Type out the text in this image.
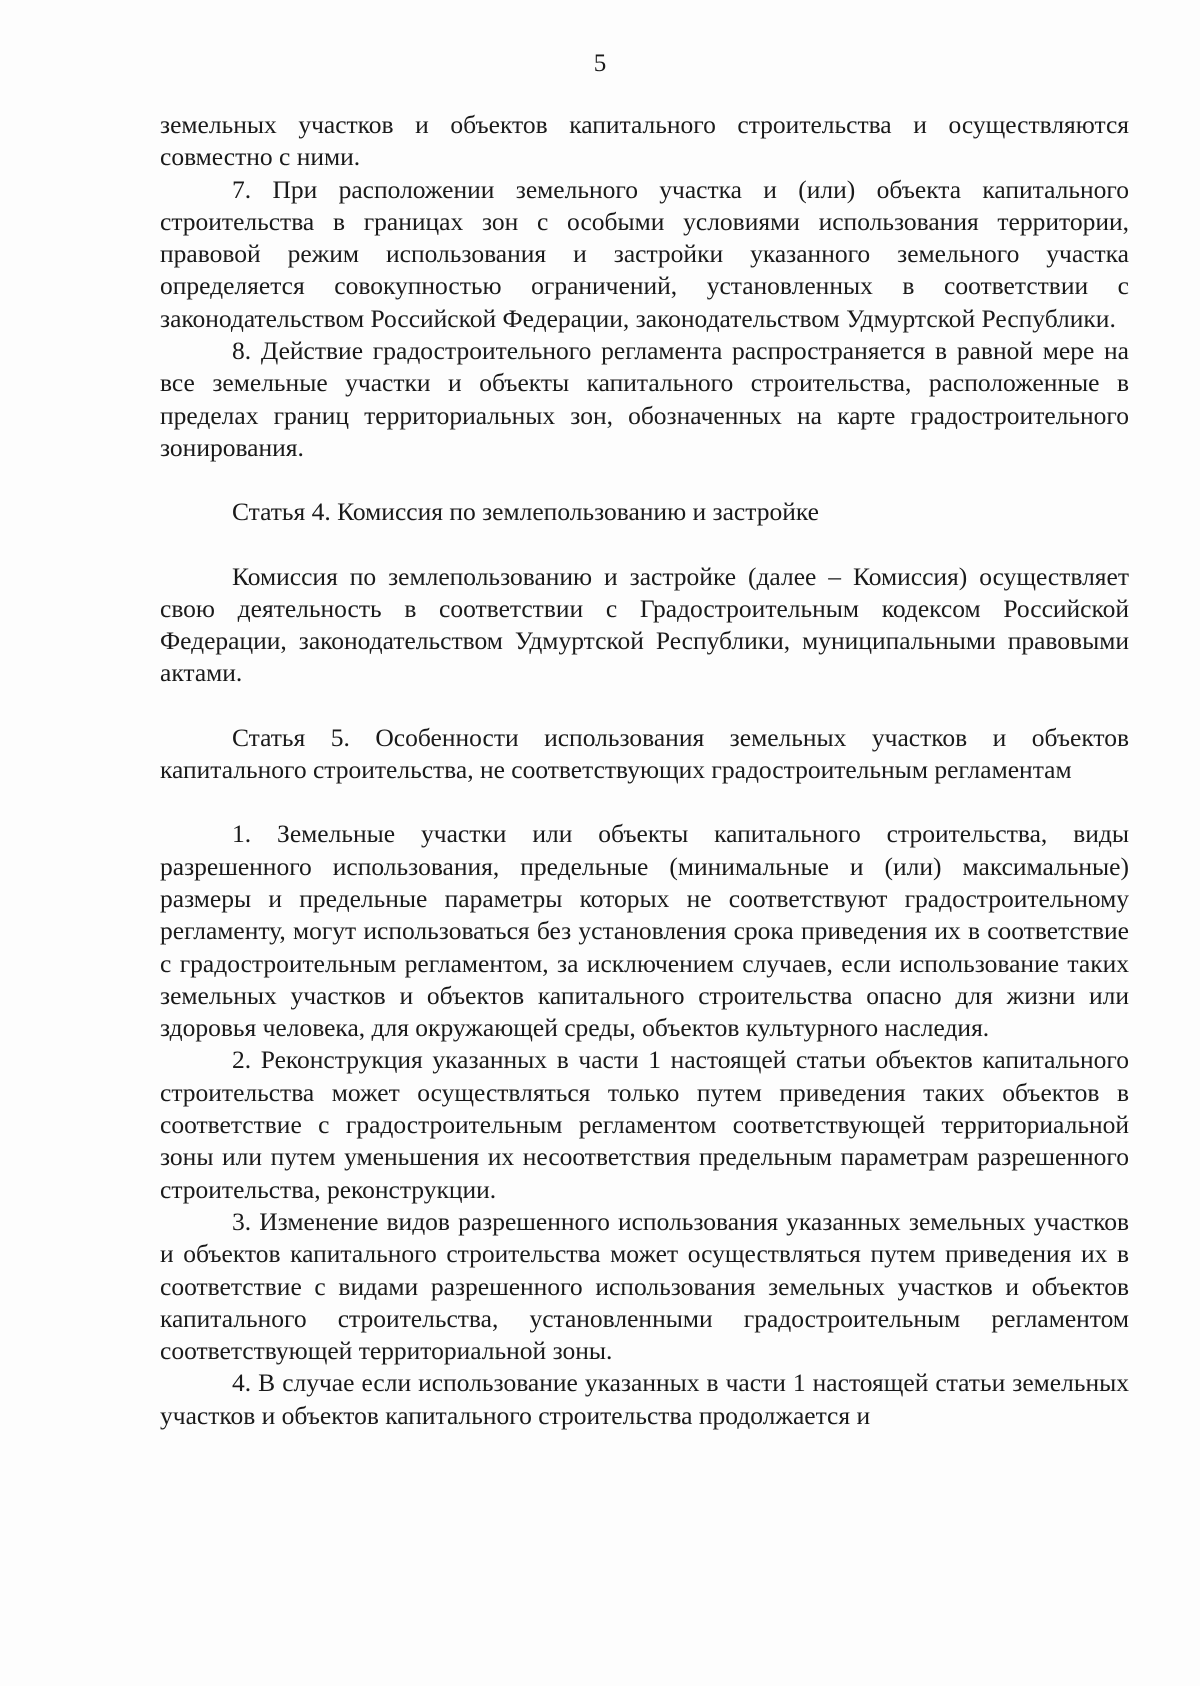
5

земельных участков и объектов капитального строительства и осуществляются совместно с ними.

7. При расположении земельного участка и (или) объекта капитального строительства в границах зон с особыми условиями использования территории, правовой режим использования и застройки указанного земельного участка определяется совокупностью ограничений, установленных в соответствии с законодательством Российской Федерации, законодательством Удмуртской Республики.

8. Действие градостроительного регламента распространяется в равной мере на все земельные участки и объекты капитального строительства, расположенные в пределах границ территориальных зон, обозначенных на карте градостроительного зонирования.

Статья 4. Комиссия по землепользованию и застройке

Комиссия по землепользованию и застройке (далее – Комиссия) осуществляет свою деятельность в соответствии с Градостроительным кодексом Российской Федерации, законодательством Удмуртской Республики, муниципальными правовыми актами.

Статья 5. Особенности использования земельных участков и объектов капитального строительства, не соответствующих градостроительным регламентам

1. Земельные участки или объекты капитального строительства, виды разрешенного использования, предельные (минимальные и (или) максимальные) размеры и предельные параметры которых не соответствуют градостроительному регламенту, могут использоваться без установления срока приведения их в соответствие с градостроительным регламентом, за исключением случаев, если использование таких земельных участков и объектов капитального строительства опасно для жизни или здоровья человека, для окружающей среды, объектов культурного наследия.

2. Реконструкция указанных в части 1 настоящей статьи объектов капитального строительства может осуществляться только путем приведения таких объектов в соответствие с градостроительным регламентом соответствующей территориальной зоны или путем уменьшения их несоответствия предельным параметрам разрешенного строительства, реконструкции.

3. Изменение видов разрешенного использования указанных земельных участков и объектов капитального строительства может осуществляться путем приведения их в соответствие с видами разрешенного использования земельных участков и объектов капитального строительства, установленными градостроительным регламентом соответствующей территориальной зоны.

4. В случае если использование указанных в части 1 настоящей статьи земельных участков и объектов капитального строительства продолжается и
